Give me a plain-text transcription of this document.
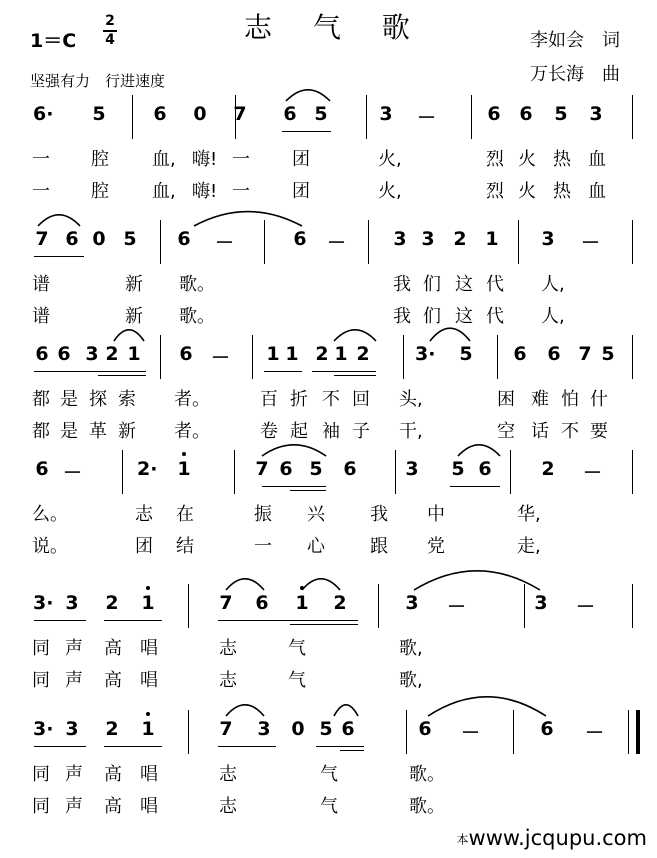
志 气 歌
1＝C
2
4
坚强有力　行进速度
李如会　词
万长海　曲
6· 5	6 0 7 6 5	3 －	6 6 5 3
一 腔 血, 嗨! 一 团	火,	烈 火 热 血
一 腔 血, 嗨! 一 团	火,	烈 火 热 血
7 6 0 5 6 －	6 － 3 3 2 1 3 －
谱	新 歌。	我 们 这 代 人,
谱	新 歌。	我 们 这 代 人,
6 6 3 2 1 6 － 1 1 2 1 2 3· 5 6 6 7 5
都 是 探 索 者。	百 折 不 回 头,	困 难 怕 什
都 是 革 新 者。	卷 起 袖 子 干,	空 话 不 要
6 －	2· 1	7 6 5 6	3 5 6	2 －
么。	志 在	振 兴	我 中	华,
说。	团 结	一 心	跟 党	走,
3· 3 2 1	7 6 1 2	3 －	3 －
同 声 高 唱	志	气	歌,
同 声 高 唱	志	气	歌,
3· 3 2 1	7 3 0 5 6	6 －	6 －
同 声 高 唱	志	气	歌。
同 声 高 唱	志	气	歌。
本www.jcqupu.com
